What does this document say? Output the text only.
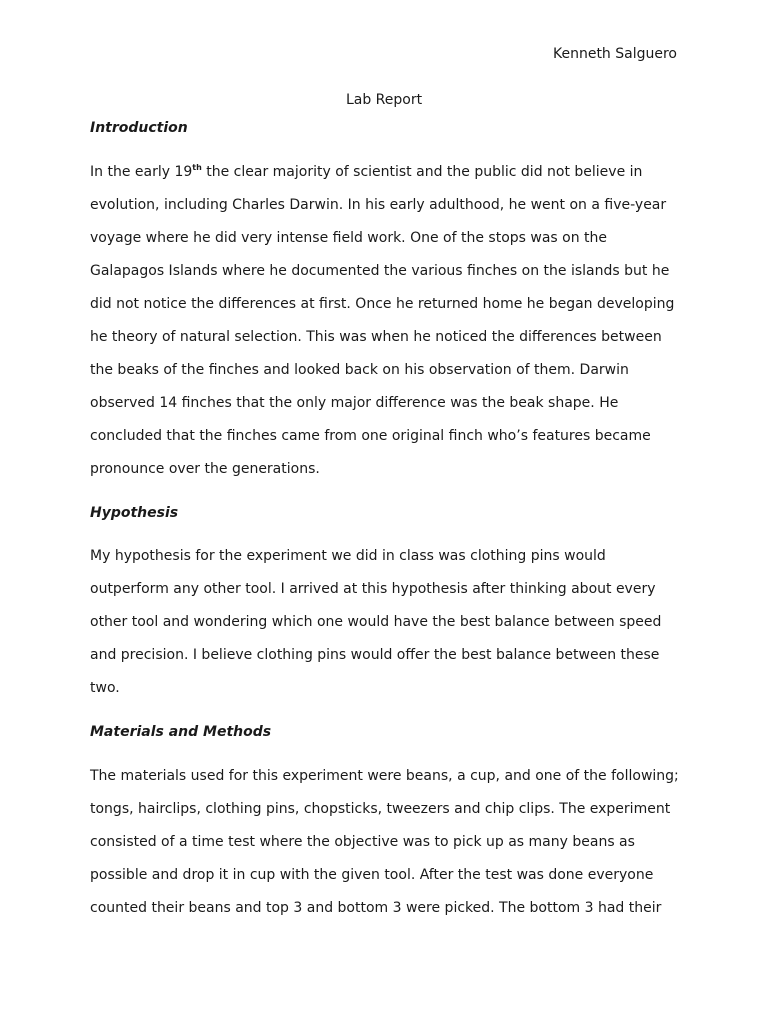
Kenneth Salguero
Lab Report
Introduction
In the early 19th the clear majority of scientist and the public did not believe in
evolution, including Charles Darwin. In his early adulthood, he went on a five-year
voyage where he did very intense field work. One of the stops was on the
Galapagos Islands where he documented the various finches on the islands but he
did not notice the differences at first. Once he returned home he began developing
he theory of natural selection. This was when he noticed the differences between
the beaks of the finches and looked back on his observation of them. Darwin
observed 14 finches that the only major difference was the beak shape. He
concluded that the finches came from one original finch who’s features became
pronounce over the generations.
Hypothesis
My hypothesis for the experiment we did in class was clothing pins would
outperform any other tool. I arrived at this hypothesis after thinking about every
other tool and wondering which one would have the best balance between speed
and precision. I believe clothing pins would offer the best balance between these
two.
Materials and Methods
The materials used for this experiment were beans, a cup, and one of the following;
tongs, hairclips, clothing pins, chopsticks, tweezers and chip clips. The experiment
consisted of a time test where the objective was to pick up as many beans as
possible and drop it in cup with the given tool. After the test was done everyone
counted their beans and top 3 and bottom 3 were picked. The bottom 3 had their
